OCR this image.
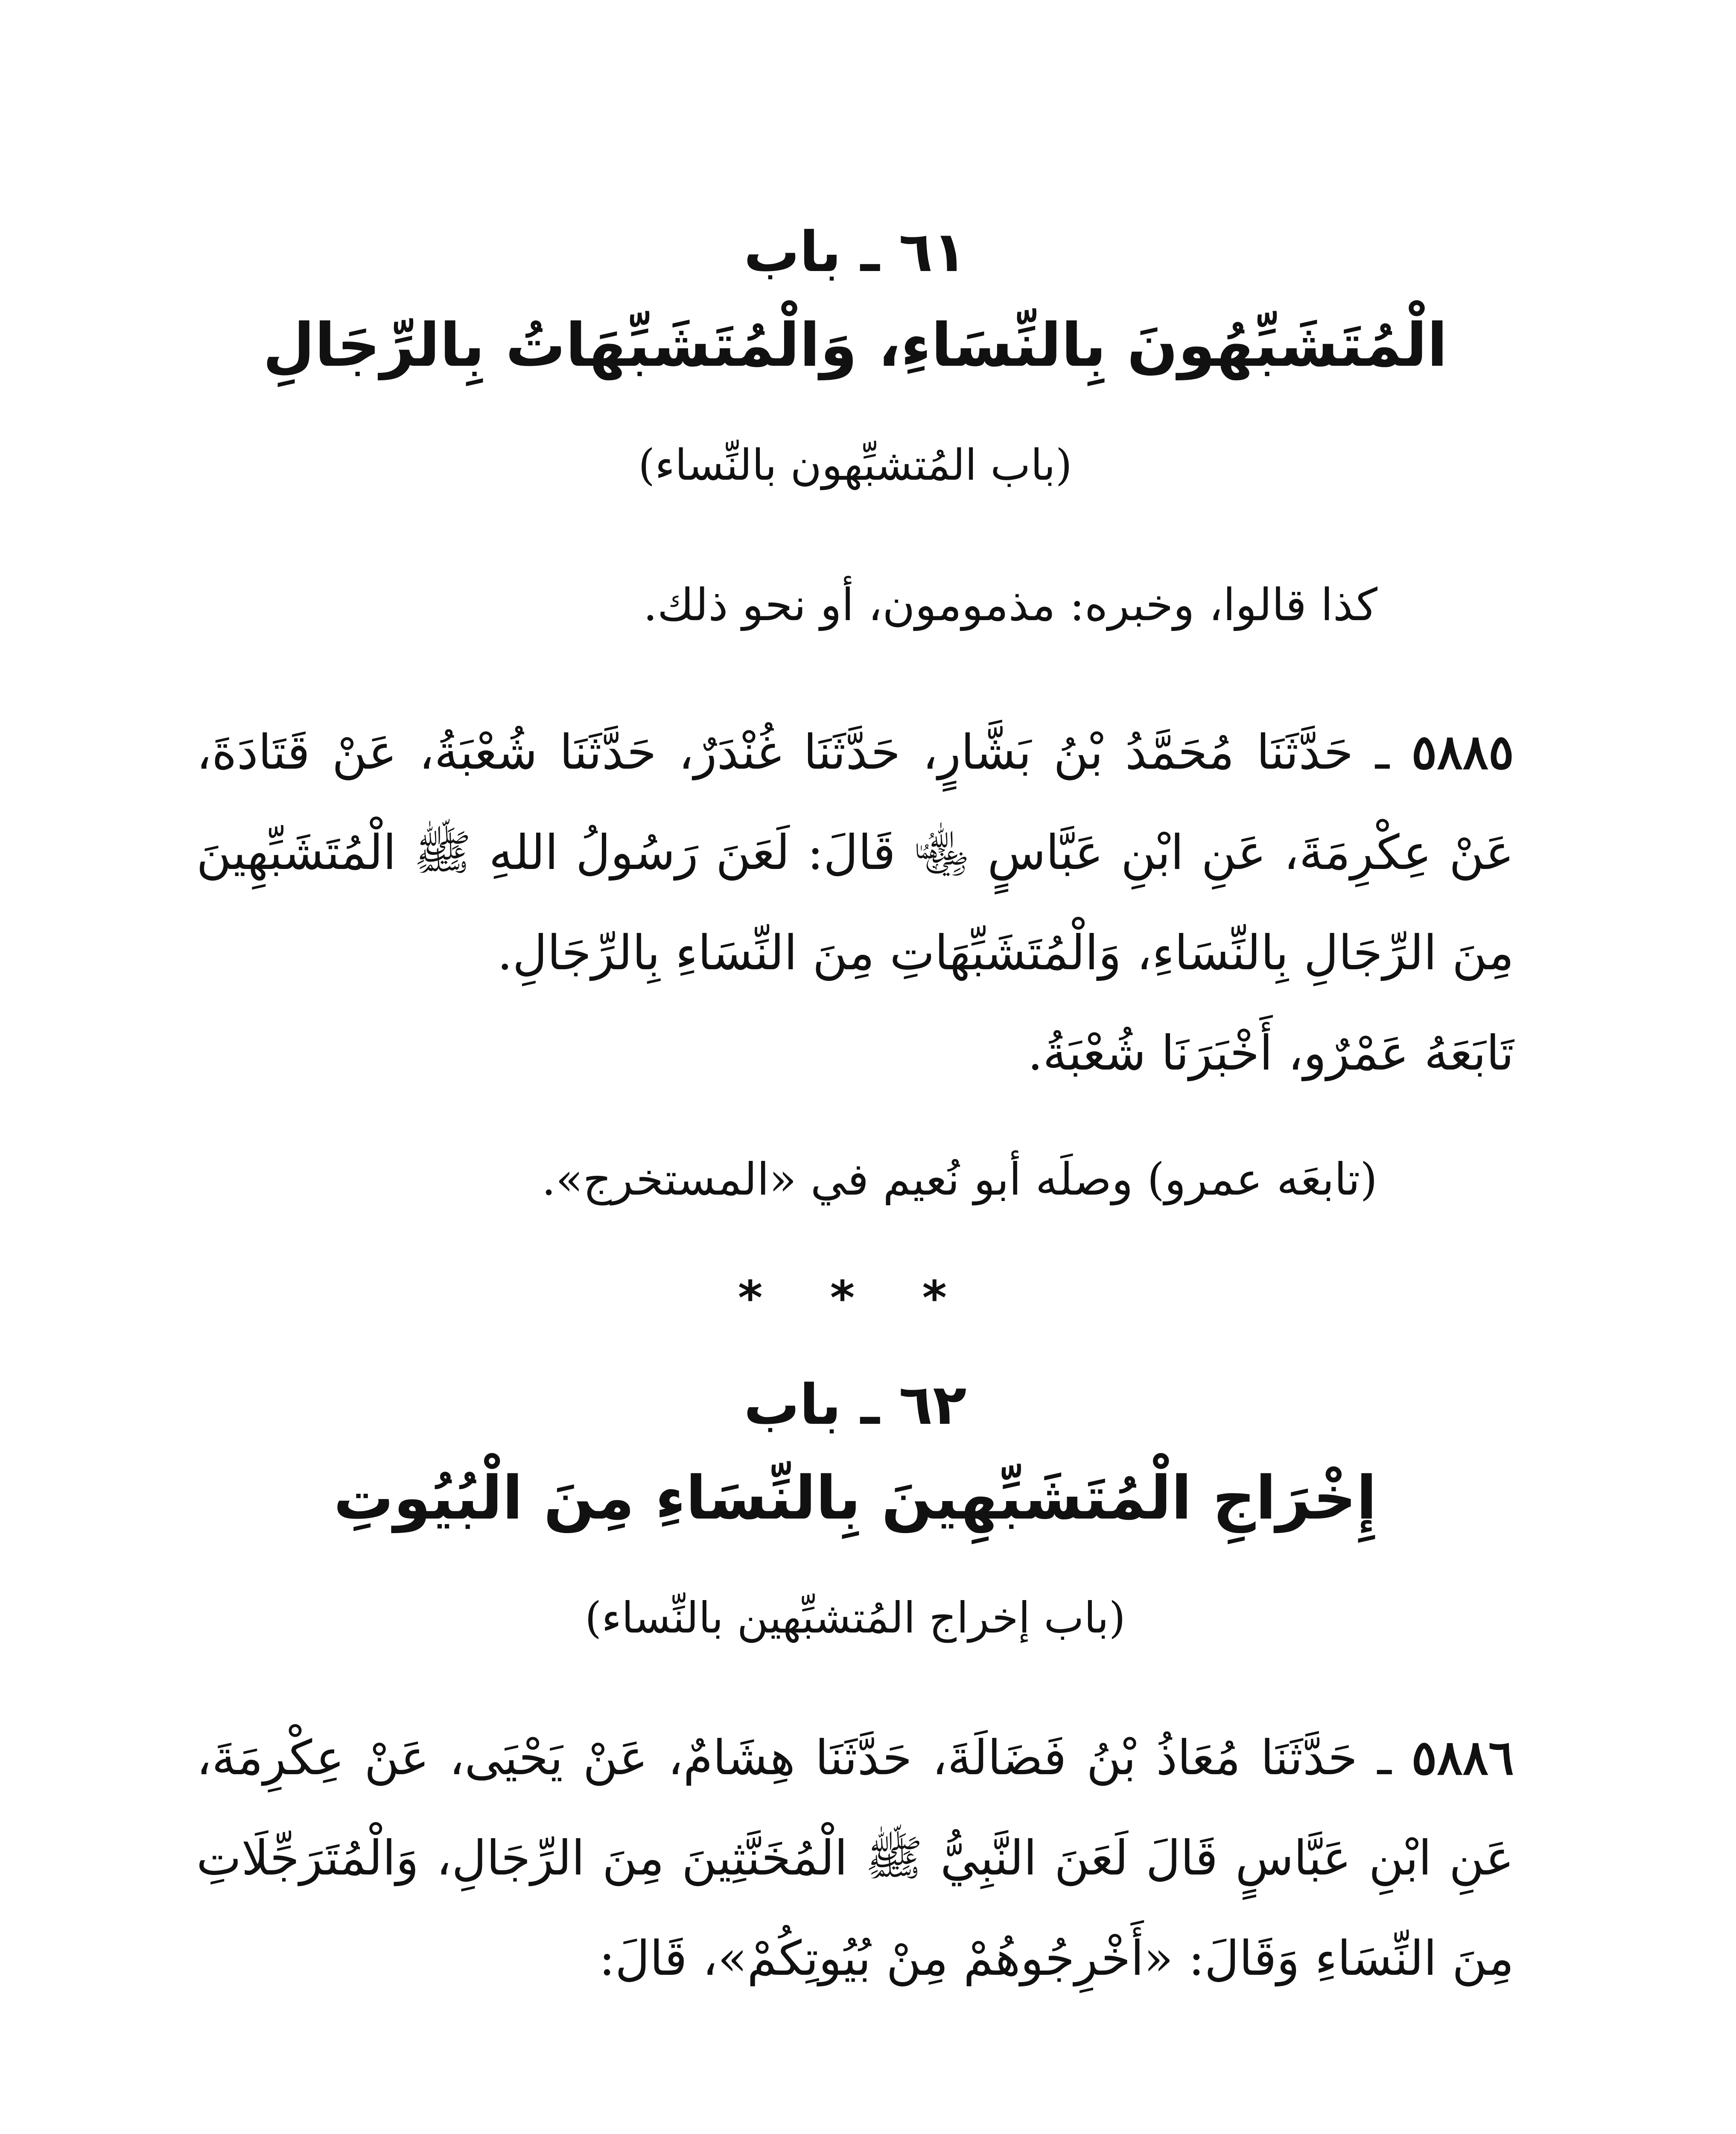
٦١ ـ باب

الْمُتَشَبِّهُونَ بِالنِّسَاءِ، وَالْمُتَشَبِّهَاتُ بِالرِّجَالِ

(باب المُتشبِّهون بالنِّساء)

كذا قالوا، وخبره: مذمومون، أو نحو ذلك.

٥٨٨٥ ـ حَدَّثَنَا مُحَمَّدُ بْنُ بَشَّارٍ، حَدَّثَنَا غُنْدَرٌ، حَدَّثَنَا شُعْبَةُ، عَنْ قَتَادَةَ، عَنْ عِكْرِمَةَ، عَنِ ابْنِ عَبَّاسٍ ﵄ قَالَ: لَعَنَ رَسُولُ اللهِ ﷺ الْمُتَشَبِّهِينَ مِنَ الرِّجَالِ بِالنِّسَاءِ، وَالْمُتَشَبِّهَاتِ مِنَ النِّسَاءِ بِالرِّجَالِ.

تَابَعَهُ عَمْرٌو، أَخْبَرَنَا شُعْبَةُ.

(تابعَه عمرو) وصلَه أبو نُعيم في «المستخرج».

* * *

٦٢ ـ باب

إِخْرَاجِ الْمُتَشَبِّهِينَ بِالنِّسَاءِ مِنَ الْبُيُوتِ

(باب إخراج المُتشبِّهين بالنِّساء)

٥٨٨٦ ـ حَدَّثَنَا مُعَاذُ بْنُ فَضَالَةَ، حَدَّثَنَا هِشَامٌ، عَنْ يَحْيَى، عَنْ عِكْرِمَةَ، عَنِ ابْنِ عَبَّاسٍ قَالَ لَعَنَ النَّبِيُّ ﷺ الْمُخَنَّثِينَ مِنَ الرِّجَالِ، وَالْمُتَرَجِّلَاتِ مِنَ النِّسَاءِ وَقَالَ: «أَخْرِجُوهُمْ مِنْ بُيُوتِكُمْ»، قَالَ:
